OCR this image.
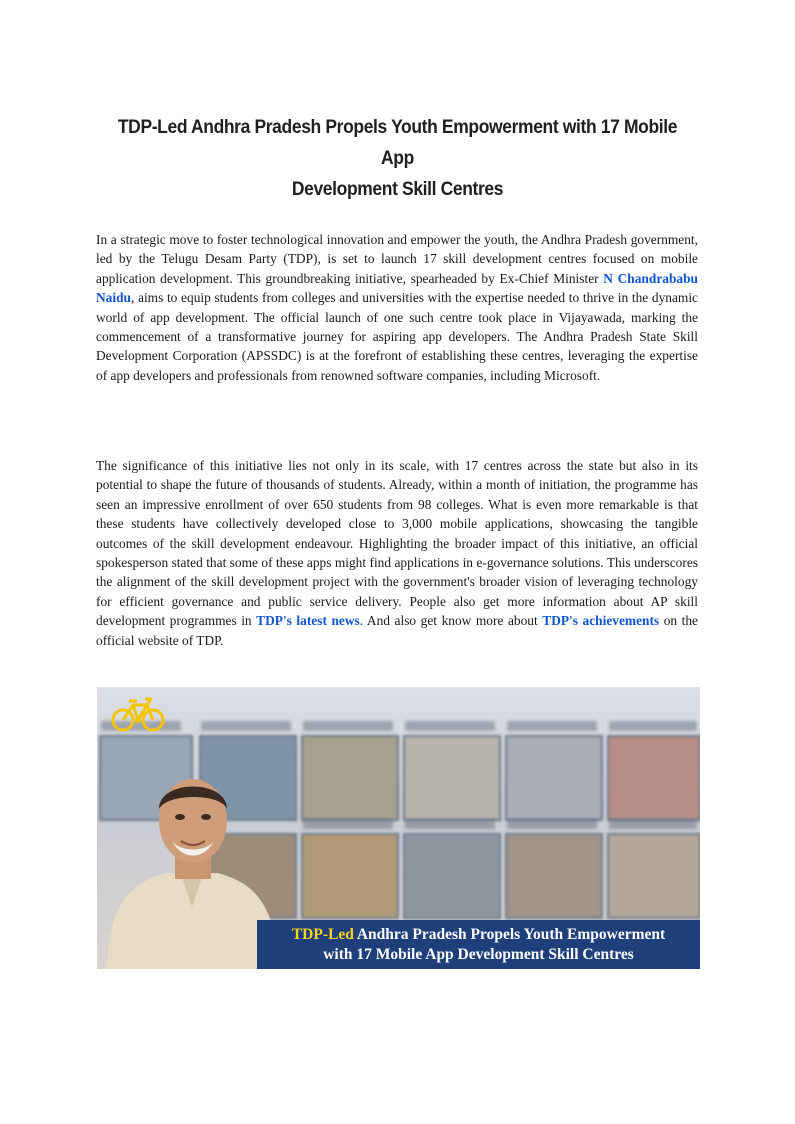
TDP-Led Andhra Pradesh Propels Youth Empowerment with 17 Mobile App
Development Skill Centres

In a strategic move to foster technological innovation and empower the youth, the Andhra Pradesh government, led by the Telugu Desam Party (TDP), is set to launch 17 skill development centres focused on mobile application development. This groundbreaking initiative, spearheaded by Ex-Chief Minister N Chandrababu Naidu, aims to equip students from colleges and universities with the expertise needed to thrive in the dynamic world of app development. The official launch of one such centre took place in Vijayawada, marking the commencement of a transformative journey for aspiring app developers. The Andhra Pradesh State Skill Development Corporation (APSSDC) is at the forefront of establishing these centres, leveraging the expertise of app developers and professionals from renowned software companies, including Microsoft.

The significance of this initiative lies not only in its scale, with 17 centres across the state but also in its potential to shape the future of thousands of students. Already, within a month of initiation, the programme has seen an impressive enrollment of over 650 students from 98 colleges. What is even more remarkable is that these students have collectively developed close to 3,000 mobile applications, showcasing the tangible outcomes of the skill development endeavour. Highlighting the broader impact of this initiative, an official spokesperson stated that some of these apps might find applications in e-governance solutions. This underscores the alignment of the skill development project with the government's broader vision of leveraging technology for efficient governance and public service delivery. People also get more information about AP skill development programmes in TDP's latest news. And also get know more about TDP's achievements on the official website of TDP.

TDP-Led Andhra Pradesh Propels Youth Empowerment
with 17 Mobile App Development Skill Centres
